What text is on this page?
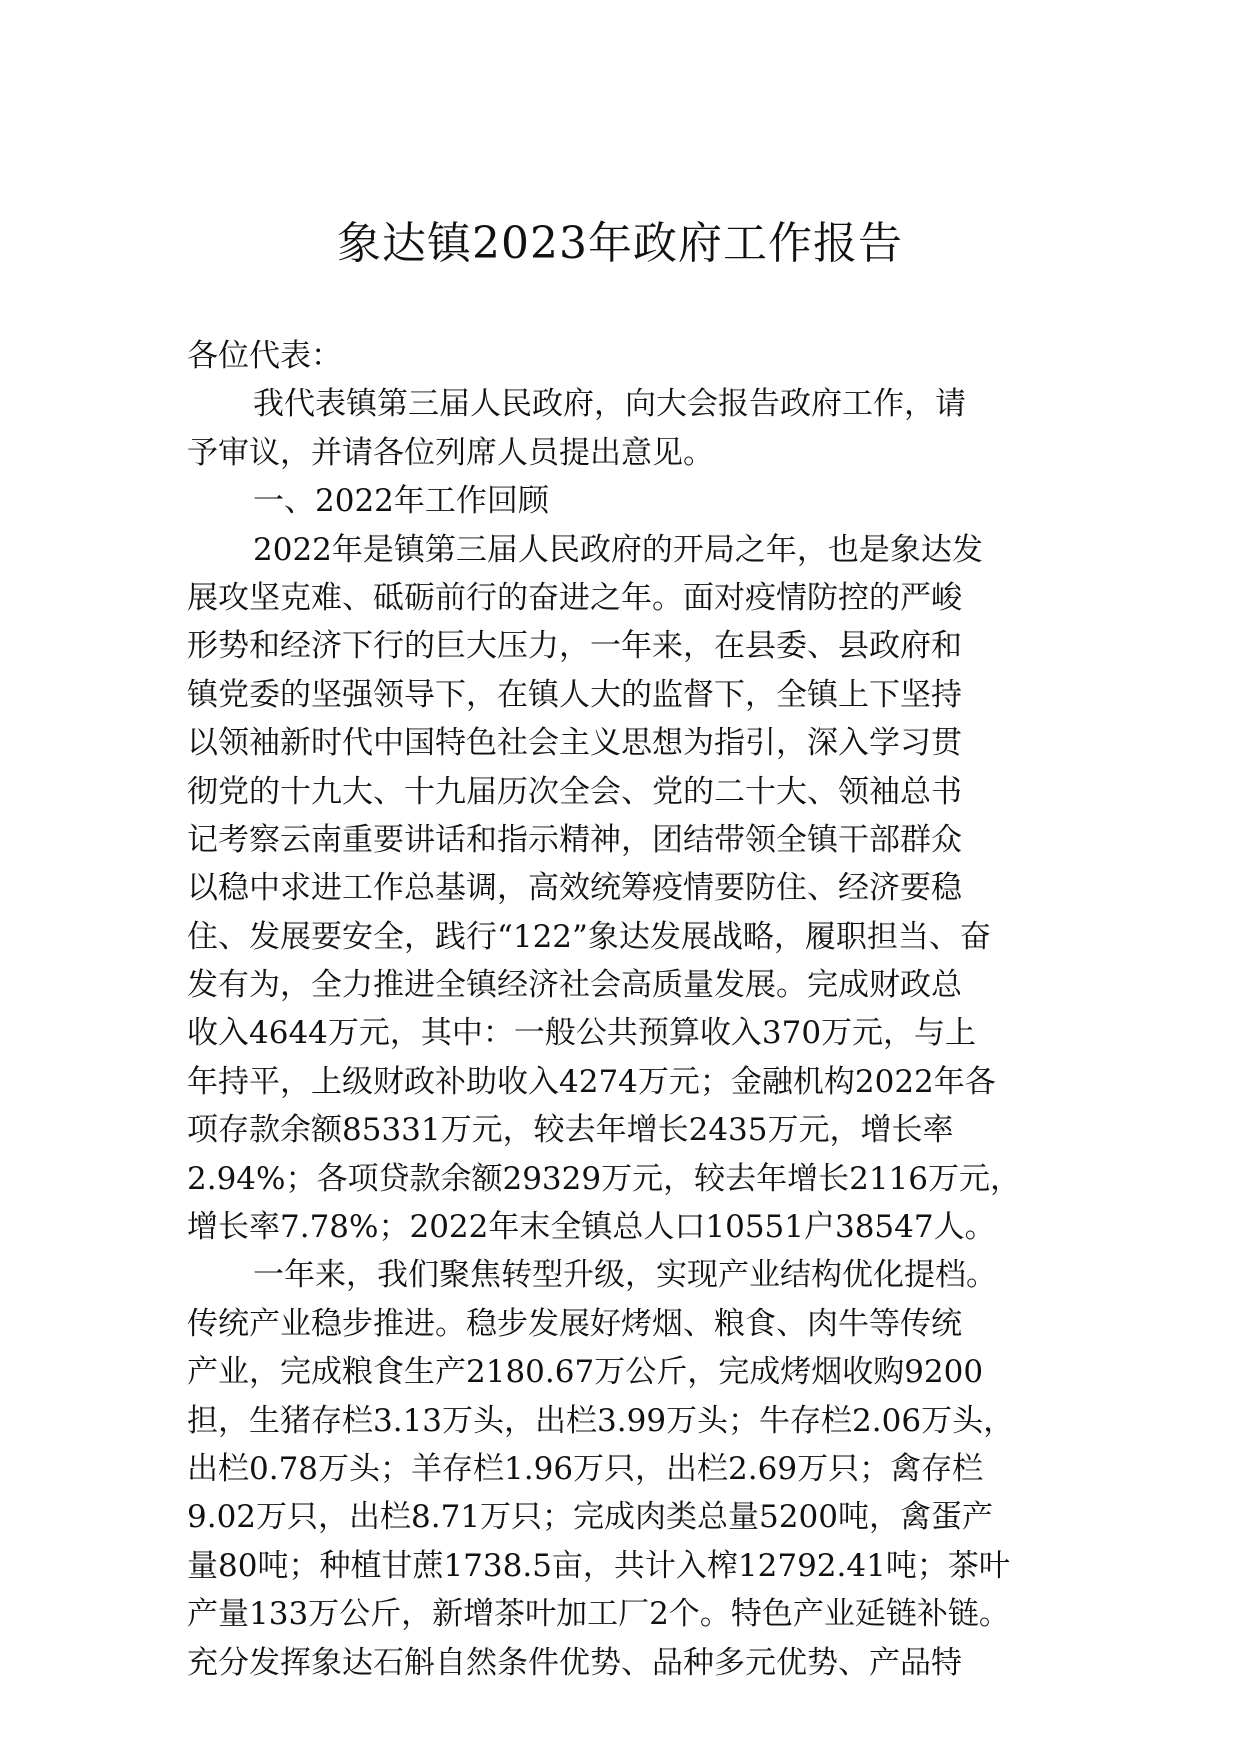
象达镇2023年政府工作报告
各位代表：
我代表镇第三届人民政府，向大会报告政府工作，请
予审议，并请各位列席人员提出意见。
一、2022年工作回顾
2022年是镇第三届人民政府的开局之年，也是象达发
展攻坚克难、砥砺前行的奋进之年。面对疫情防控的严峻
形势和经济下行的巨大压力，一年来，在县委、县政府和
镇党委的坚强领导下，在镇人大的监督下，全镇上下坚持
以领袖新时代中国特色社会主义思想为指引，深入学习贯
彻党的十九大、十九届历次全会、党的二十大、领袖总书
记考察云南重要讲话和指示精神，团结带领全镇干部群众
以稳中求进工作总基调，高效统筹疫情要防住、经济要稳
住、发展要安全，践行“122”象达发展战略，履职担当、奋
发有为，全力推进全镇经济社会高质量发展。完成财政总
收入4644万元，其中：一般公共预算收入370万元，与上
年持平，上级财政补助收入4274万元；金融机构2022年各
项存款余额85331万元，较去年增长2435万元，增长率
2.94%；各项贷款余额29329万元，较去年增长2116万元，
增长率7.78%；2022年末全镇总人口10551户38547人。
一年来，我们聚焦转型升级，实现产业结构优化提档。
传统产业稳步推进。稳步发展好烤烟、粮食、肉牛等传统
产业，完成粮食生产2180.67万公斤，完成烤烟收购9200
担，生猪存栏3.13万头，出栏3.99万头；牛存栏2.06万头，
出栏0.78万头；羊存栏1.96万只，出栏2.69万只；禽存栏
9.02万只，出栏8.71万只；完成肉类总量5200吨，禽蛋产
量80吨；种植甘蔗1738.5亩，共计入榨12792.41吨；茶叶
产量133万公斤，新增茶叶加工厂2个。特色产业延链补链。
充分发挥象达石斛自然条件优势、品种多元优势、产品特
